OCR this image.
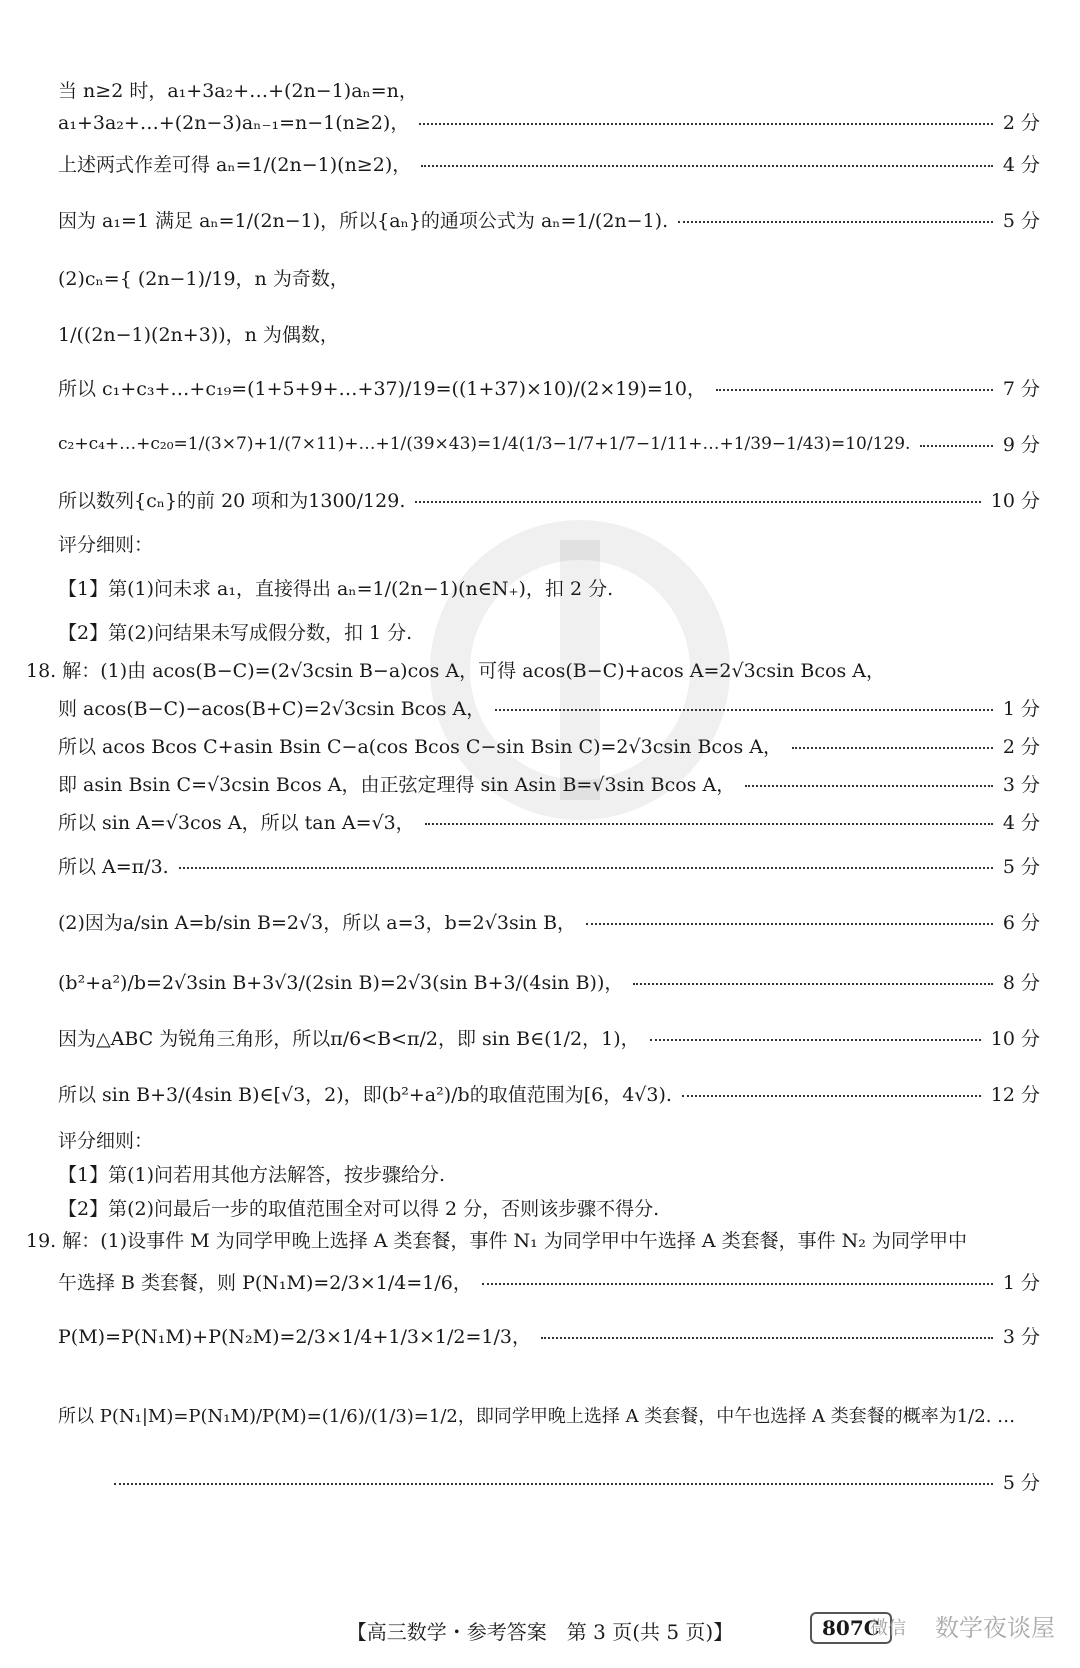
当 n≥2 时，a₁+3a₂+…+(2n−1)aₙ=n，
a₁+3a₂+…+(2n−3)aₙ₋₁=n−1(n≥2)，	2 分
上述两式作差可得 aₙ=1/(2n−1)(n≥2)，	4 分
因为 a₁=1 满足 aₙ=1/(2n−1)，所以{aₙ}的通项公式为 aₙ=1/(2n−1).	5 分
(2)cₙ={ (2n−1)/19，n 为奇数，
1/((2n−1)(2n+3))，n 为偶数，
所以 c₁+c₃+…+c₁₉=(1+5+9+…+37)/19=((1+37)×10)/(2×19)=10，	7 分
c₂+c₄+…+c₂₀=1/(3×7)+1/(7×11)+…+1/(39×43)=1/4(1/3−1/7+1/7−1/11+…+1/39−1/43)=10/129.	9 分
所以数列{cₙ}的前 20 项和为1300/129.	10 分
评分细则：
【1】第(1)问未求 a₁，直接得出 aₙ=1/(2n−1)(n∈N₊)，扣 2 分.
【2】第(2)问结果未写成假分数，扣 1 分.
18. 解：(1)由 acos(B−C)=(2√3csin B−a)cos A，可得 acos(B−C)+acos A=2√3csin Bcos A，
则 acos(B−C)−acos(B+C)=2√3csin Bcos A，	1 分
所以 acos Bcos C+asin Bsin C−a(cos Bcos C−sin Bsin C)=2√3csin Bcos A，	2 分
即 asin Bsin C=√3csin Bcos A，由正弦定理得 sin Asin B=√3sin Bcos A，	3 分
所以 sin A=√3cos A，所以 tan A=√3，	4 分
所以 A=π/3.	5 分
(2)因为a/sin A=b/sin B=2√3，所以 a=3，b=2√3sin B，	6 分
(b²+a²)/b=2√3sin B+3√3/(2sin B)=2√3(sin B+3/(4sin B))，	8 分
因为△ABC 为锐角三角形，所以π/6<B<π/2，即 sin B∈(1/2，1)，	10 分
所以 sin B+3/(4sin B)∈[√3，2)，即(b²+a²)/b的取值范围为[6，4√3).	12 分
评分细则：
【1】第(1)问若用其他方法解答，按步骤给分.
【2】第(2)问最后一步的取值范围全对可以得 2 分，否则该步骤不得分.
19. 解：(1)设事件 M 为同学甲晚上选择 A 类套餐，事件 N₁ 为同学甲中午选择 A 类套餐，事件 N₂ 为同学甲中
午选择 B 类套餐，则 P(N₁M)=2/3×1/4=1/6，	1 分
P(M)=P(N₁M)+P(N₂M)=2/3×1/4+1/3×1/2=1/3，	3 分
所以 P(N₁|M)=P(N₁M)/P(M)=(1/6)/(1/3)=1/2，即同学甲晚上选择 A 类套餐，中午也选择 A 类套餐的概率为1/2. …
5 分
【高三数学・参考答案　第 3 页(共 5 页)】	807C
微信 数学夜谈屋
